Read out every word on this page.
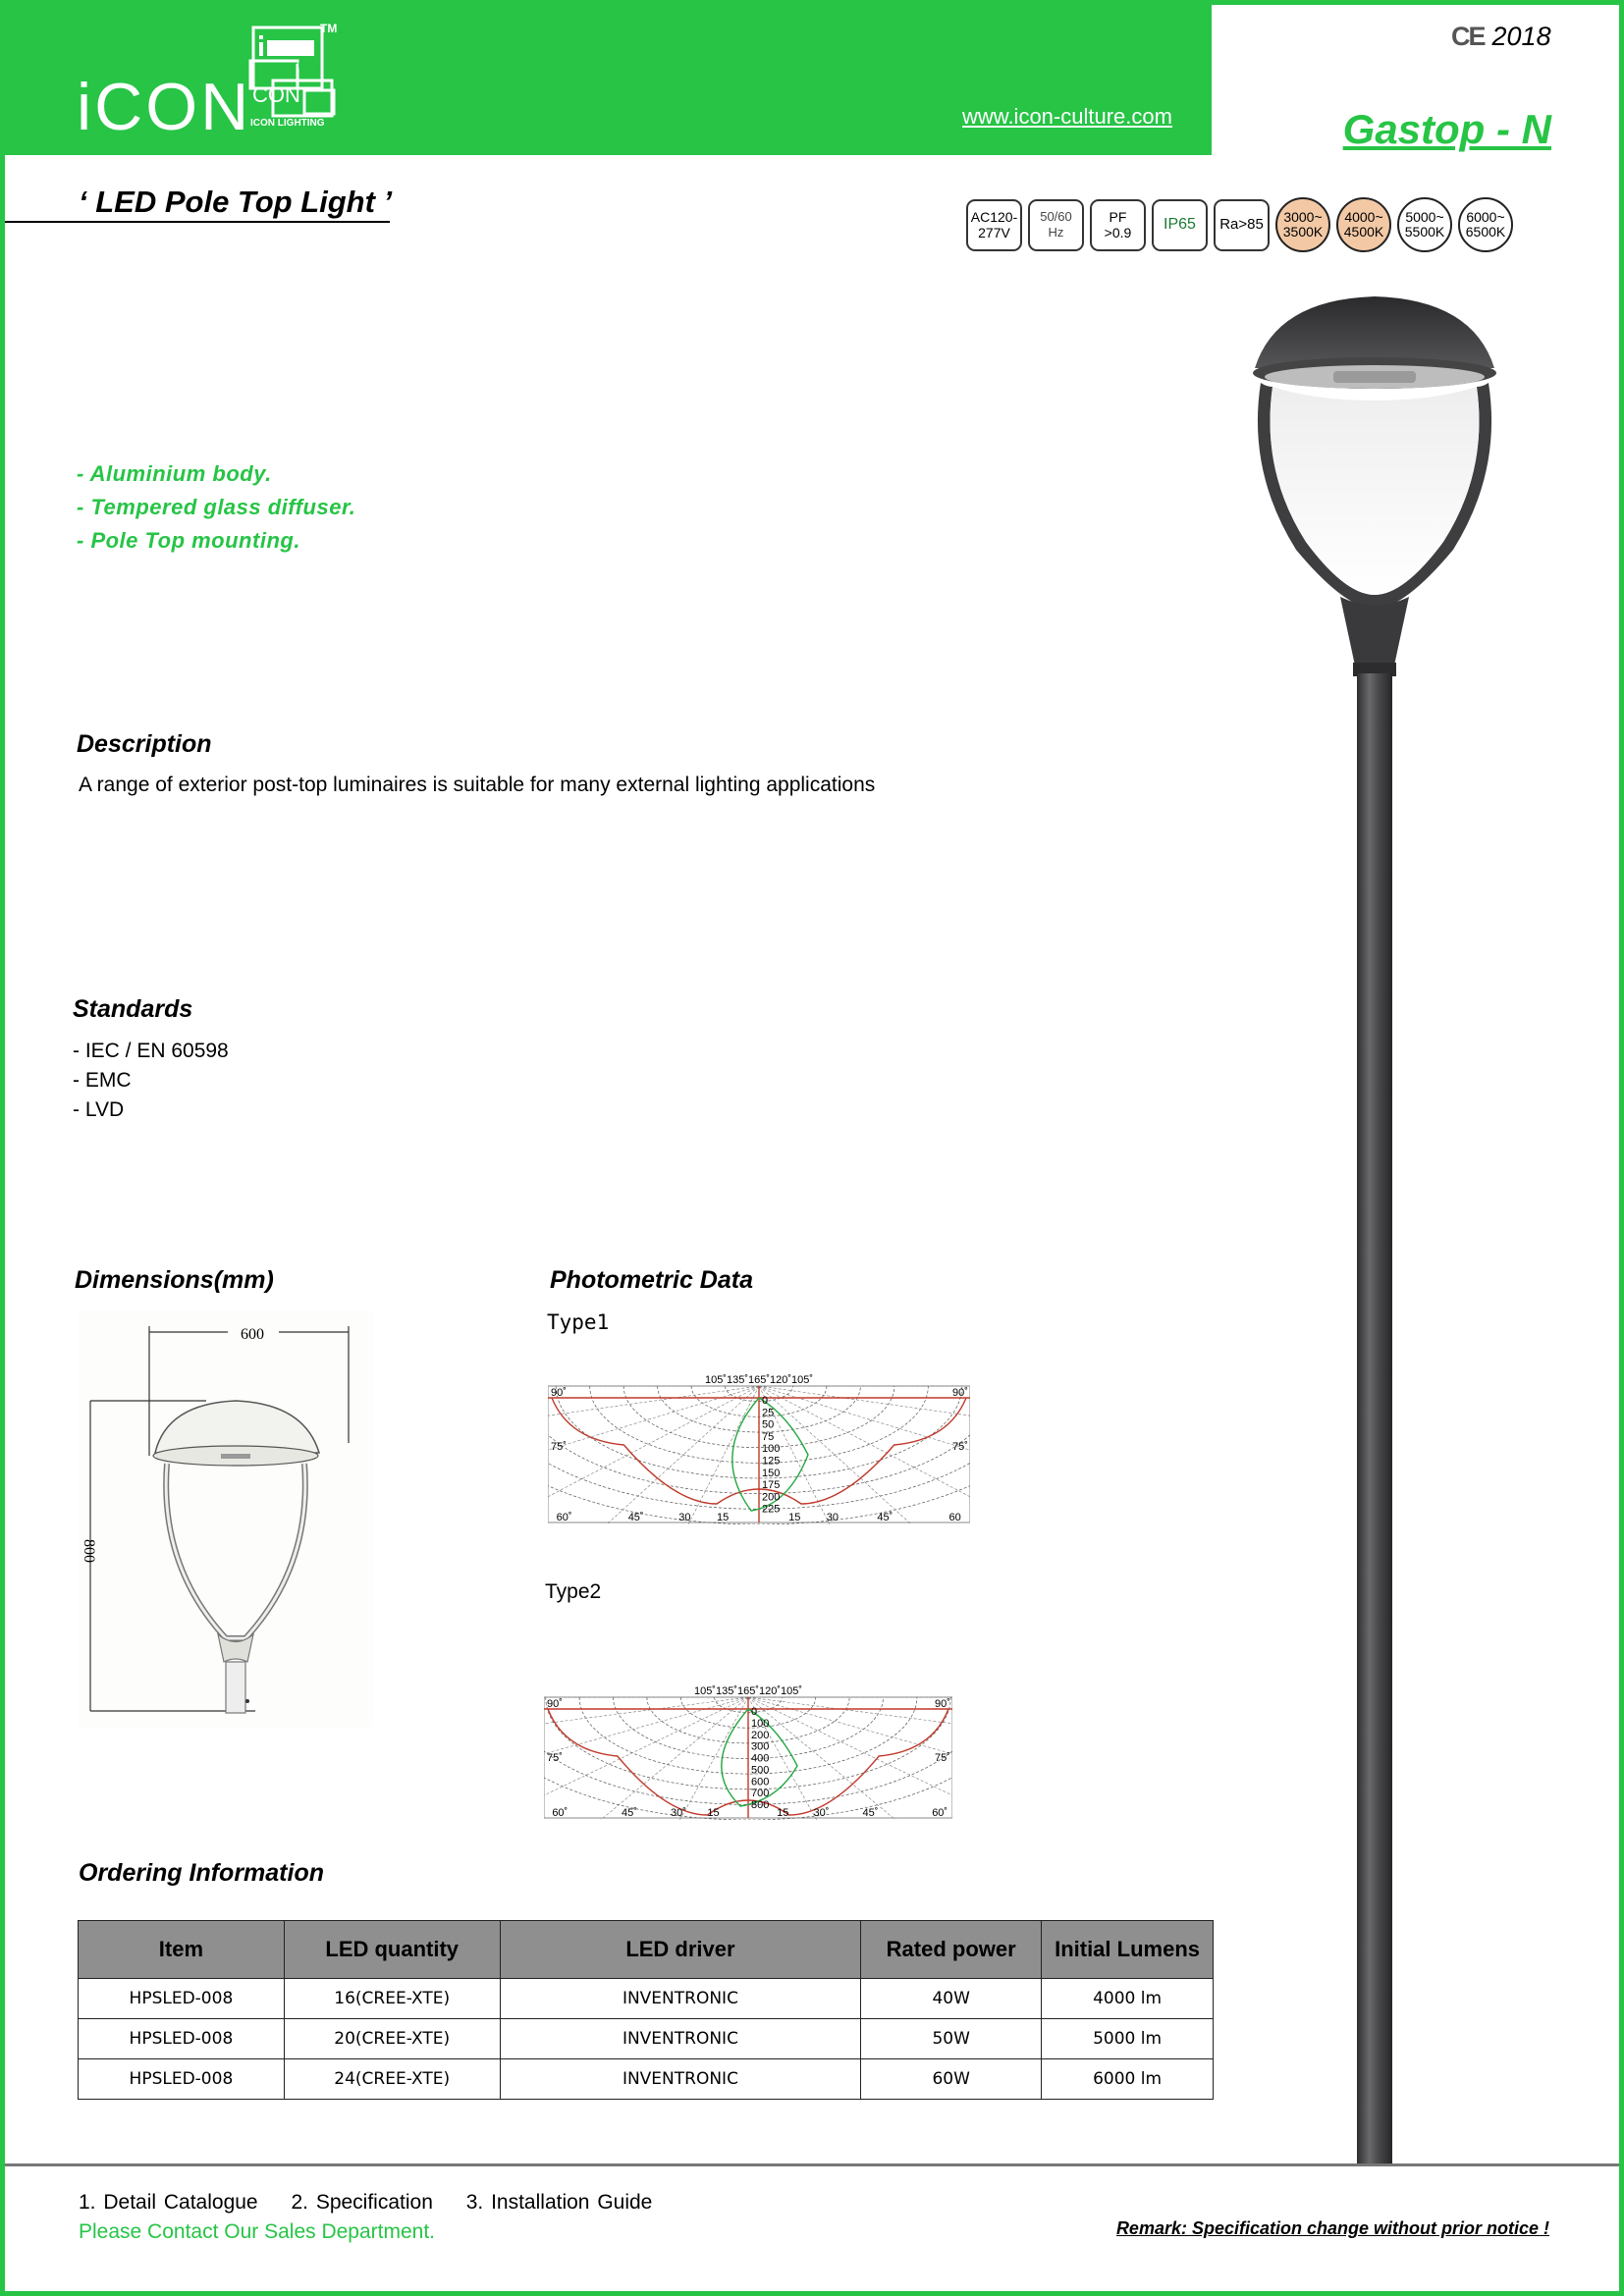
iCON
CULTURE
CON
TM
ICON LIGHTING	www.icon-culture.com
CE 2018
Gastop - N
‘ LED Pole Top Light ’	AC120-
277V
50/60
Hz
PF
>0.9 IP65 Ra>85 3000~
3500K
4000~
4500K
5000~
5500K
6000~
6500K
- Aluminium body.
- Tempered glass diffuser.
- Pole Top mounting.
Description
A range of exterior post-top luminaires is suitable for many external lighting applications
Standards
- IEC / EN 60598
- EMC
- LVD
Dimensions(mm)
600
800
Photometric Data
Type1
Type2
0
25
50
75
100
125
150
175
200
225
105˚135˚165˚120˚105˚
90˚	90˚
75˚	75˚
60˚	45˚	30 15	15 30	45˚	60
0
100
200
300
400
500
600
700
800
105˚135˚165˚120˚105˚
90˚	90˚
75˚	75˚
60˚	45˚	30˚ 15	15 30˚	45˚	60˚
Ordering Information
Item	LED quantity	LED driver	Rated power	Initial Lumens
HPSLED-008	16(CREE-XTE)	INVENTRONIC	40W	4000 lm
HPSLED-008	20(CREE-XTE)	INVENTRONIC	50W	5000 lm
HPSLED-008	24(CREE-XTE)	INVENTRONIC	60W	6000 lm
1. Detail Catalogue 2. Specification 3. Installation Guide
Please Contact Our Sales Department.	Remark: Specification change without prior notice !
